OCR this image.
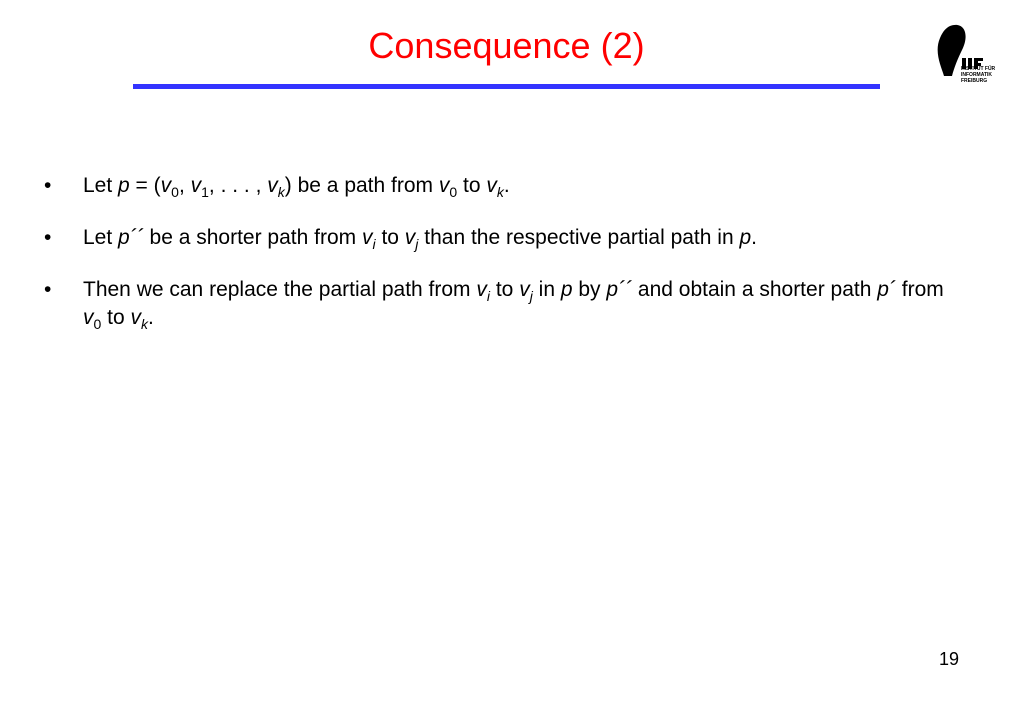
Consequence (2)
INSTITUT FÜR
INFORMATIK
FREIBURG
• Let $p = (v_0$, $v_1$, . . . , $v_k$) be a path from $v_0$ to $v_k$.
• Let p´´ be a shorter path from $v_i$ to $v_j$ than the respective partial path in p.
• Then we can replace the partial path from $v_i$ to $v_j$ in p by p´´ and obtain a shorter path p´ from $v_0$ to $v_k$.
19
